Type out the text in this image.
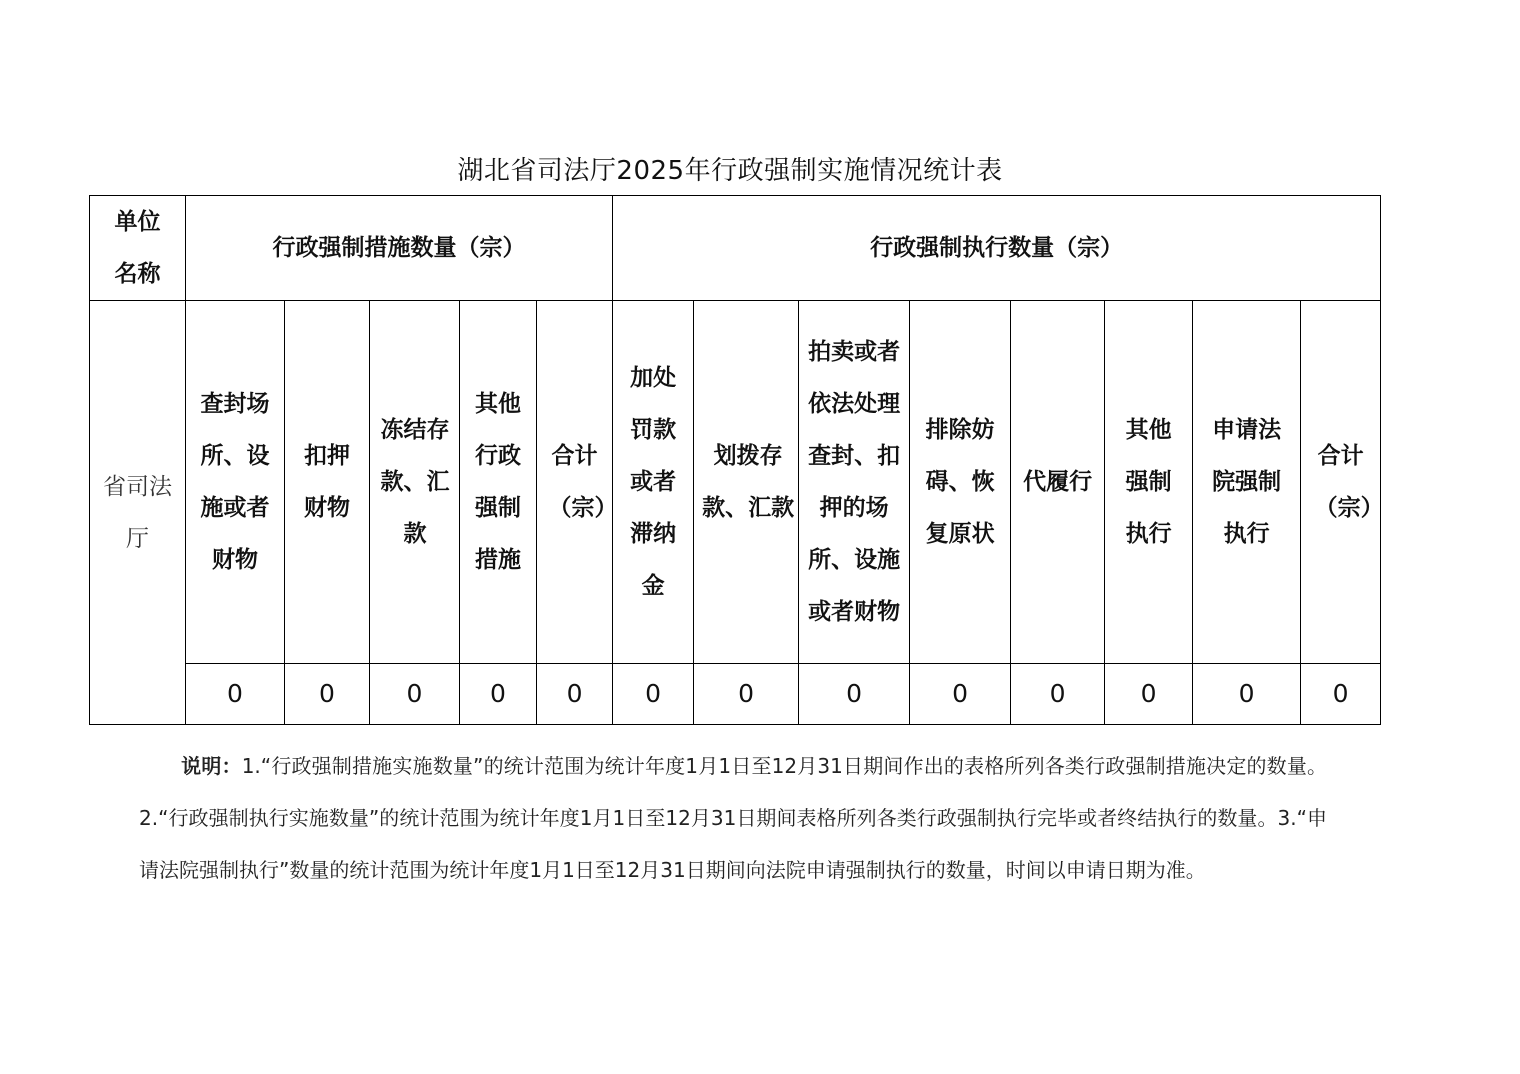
湖北省司法厅2025年行政强制实施情况统计表
单位名称	行政强制措施数量（宗）					行政强制执行数量（宗）							
省司法厅	查封场所、设施或者财物	扣押财物	冻结存款、汇款	其他行政强制措施	合计（宗）	加处罚款或者滞纳金	划拨存款、汇款	拍卖或者依法处理查封、扣押的场所、设施或者财物	排除妨碍、恢复原状	代履行	其他强制执行	申请法院强制执行	合计（宗）
	0	0	0	0	0	0	0	0	0	0	0	0	0
说明：1.“行政强制措施实施数量”的统计范围为统计年度1月1日至12月31日期间作出的表格所列各类行政强制措施决定的数量。2.“行政强制执行实施数量”的统计范围为统计年度1月1日至12月31日期间表格所列各类行政强制执行完毕或者终结执行的数量。3.“申请法院强制执行”数量的统计范围为统计年度1月1日至12月31日期间向法院申请强制执行的数量，时间以申请日期为准。
